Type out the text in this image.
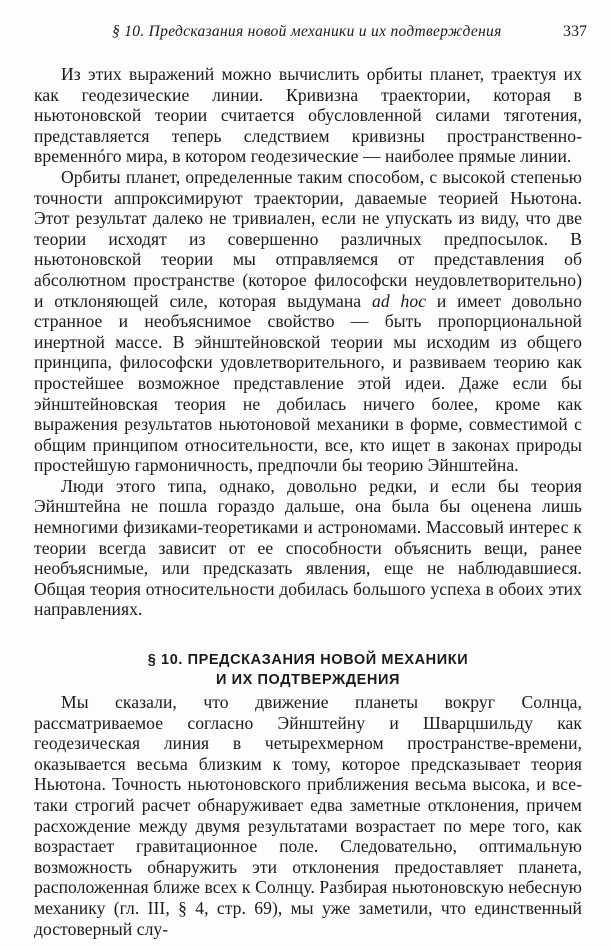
§ 10. Предсказания новой механики и их подтверждения	337

Из этих выражений можно вычислить орбиты планет, траектуя их как геодезические линии. Кривизна траектории, которая в ньютоновской теории считается обусловленной силами тяготения, представляется теперь следствием кривизны пространственно-временнóго мира, в котором геодезические — наиболее прямые линии.

Орбиты планет, определенные таким способом, с высокой степенью точности аппроксимируют траектории, даваемые теорией Ньютона. Этот результат далеко не тривиален, если не упускать из виду, что две теории исходят из совершенно различных предпосылок. В ньютоновской теории мы отправляемся от представления об абсолютном пространстве (которое философски неудовлетворительно) и отклоняющей силе, которая выдумана ad hoc и имеет довольно странное и необъяснимое свойство — быть пропорциональной инертной массе. В эйнштейновской теории мы исходим из общего принципа, философски удовлетворительного, и развиваем теорию как простейшее возможное представление этой идеи. Даже если бы эйнштейновская теория не добилась ничего более, кроме как выражения результатов ньютоновой механики в форме, совместимой с общим принципом относительности, все, кто ищет в законах природы простейшую гармоничность, предпочли бы теорию Эйнштейна.

Люди этого типа, однако, довольно редки, и если бы теория Эйнштейна не пошла гораздо дальше, она была бы оценена лишь немногими физиками-теоретиками и астрономами. Массовый интерес к теории всегда зависит от ее способности объяснить вещи, ранее необъяснимые, или предсказать явления, еще не наблюдавшиеся. Общая теория относительности добилась большого успеха в обоих этих направлениях.

§ 10. ПРЕДСКАЗАНИЯ НОВОЙ МЕХАНИКИ
И ИХ ПОДТВЕРЖДЕНИЯ

Мы сказали, что движение планеты вокруг Солнца, рассматриваемое согласно Эйнштейну и Шварцшильду как геодезическая линия в четырехмерном пространстве-времени, оказывается весьма близким к тому, которое предсказывает теория Ньютона. Точность ньютоновского приближения весьма высока, и все-таки строгий расчет обнаруживает едва заметные отклонения, причем расхождение между двумя результатами возрастает по мере того, как возрастает гравитационное поле. Следовательно, оптимальную возможность обнаружить эти отклонения предоставляет планета, расположенная ближе всех к Солнцу. Разбирая ньютоновскую небесную механику (гл. III, § 4, стр. 69), мы уже заметили, что единственный достоверный слу-
